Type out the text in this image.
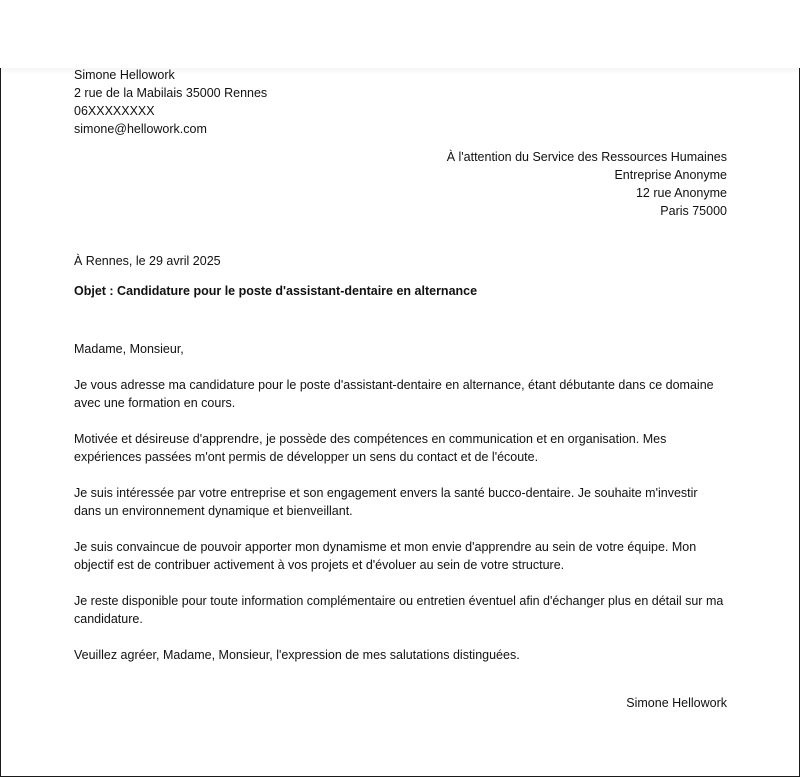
Simone Hellowork
2 rue de la Mabilais 35000 Rennes
06XXXXXXXX
simone@hellowork.com
À l'attention du Service des Ressources Humaines
Entreprise Anonyme
12 rue Anonyme
Paris 75000
À Rennes, le 29 avril 2025
Objet : Candidature pour le poste d'assistant-dentaire en alternance

Madame, Monsieur,

Je vous adresse ma candidature pour le poste d'assistant-dentaire en alternance, étant débutante dans ce domaine avec une formation en cours.

Motivée et désireuse d'apprendre, je possède des compétences en communication et en organisation. Mes expériences passées m'ont permis de développer un sens du contact et de l'écoute.

Je suis intéressée par votre entreprise et son engagement envers la santé bucco-dentaire. Je souhaite m'investir dans un environnement dynamique et bienveillant.

Je suis convaincue de pouvoir apporter mon dynamisme et mon envie d'apprendre au sein de votre équipe. Mon objectif est de contribuer activement à vos projets et d'évoluer au sein de votre structure.

Je reste disponible pour toute information complémentaire ou entretien éventuel afin d'échanger plus en détail sur ma candidature.

Veuillez agréer, Madame, Monsieur, l'expression de mes salutations distinguées.

Simone Hellowork
